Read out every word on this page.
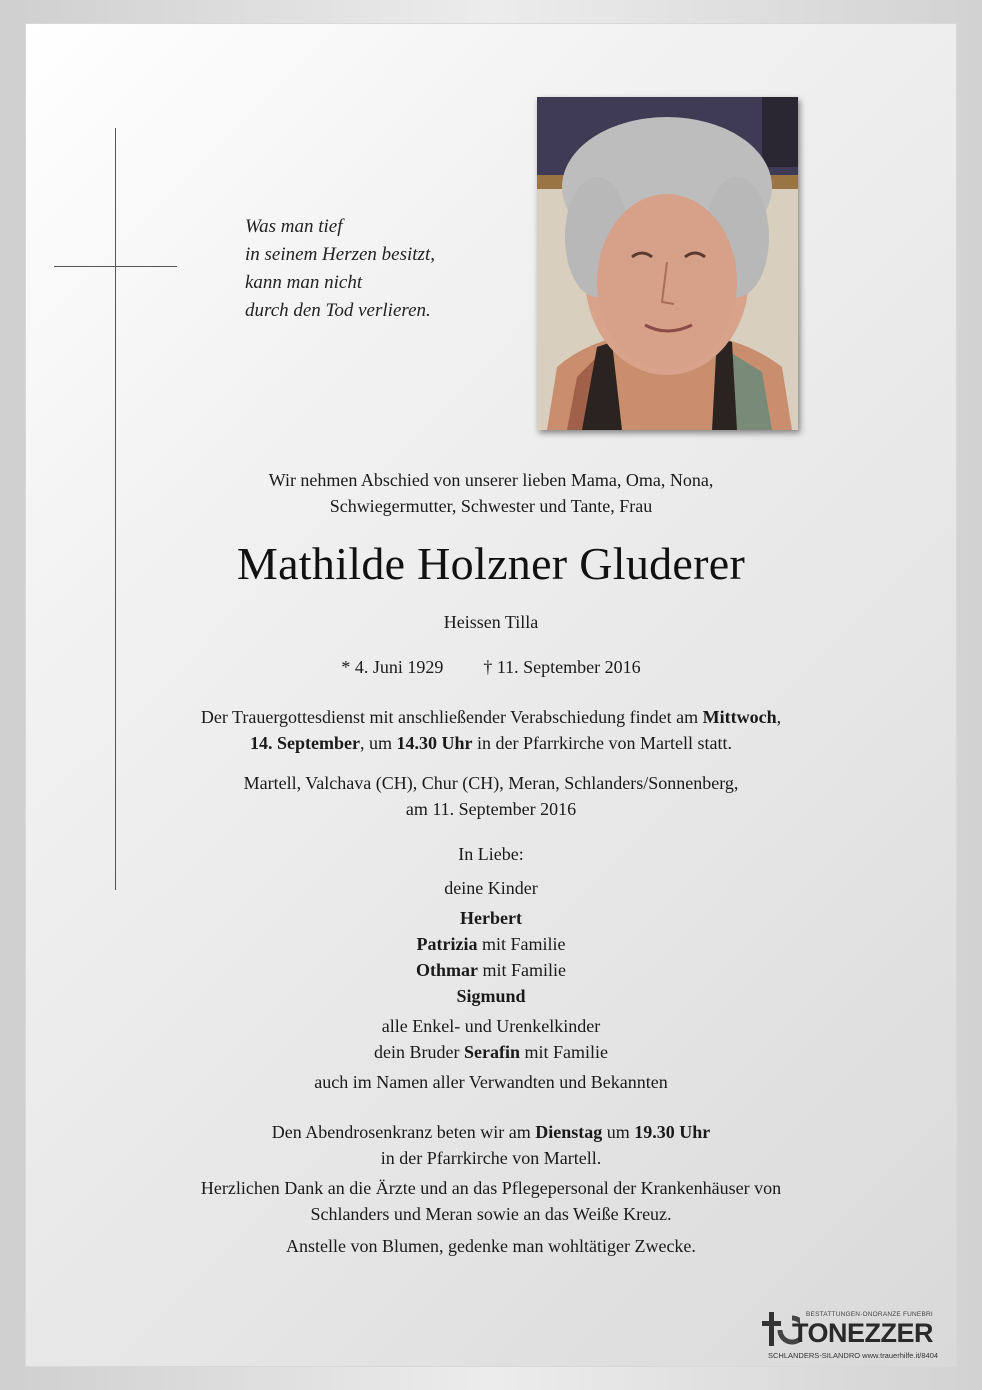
Was man tief
in seinem Herzen besitzt,
kann man nicht
durch den Tod verlieren.
Wir nehmen Abschied von unserer lieben Mama, Oma, Nona,
Schwiegermutter, Schwester und Tante, Frau
Mathilde Holzner Gluderer
Heissen Tilla
* 4. Juni 1929 † 11. September 2016
Der Trauergottesdienst mit anschließender Verabschiedung findet am Mittwoch,
14. September, um 14.30 Uhr in der Pfarrkirche von Martell statt.
Martell, Valchava (CH), Chur (CH), Meran, Schlanders/Sonnenberg,
am 11. September 2016
In Liebe:
deine Kinder
Herbert
Patrizia mit Familie
Othmar mit Familie
Sigmund
alle Enkel- und Urenkelkinder
dein Bruder Serafin mit Familie
auch im Namen aller Verwandten und Bekannten
Den Abendrosenkranz beten wir am Dienstag um 19.30 Uhr
in der Pfarrkirche von Martell.
Herzlichen Dank an die Ärzte und an das Pflegepersonal der Krankenhäuser von
Schlanders und Meran sowie an das Weiße Kreuz.
Anstelle von Blumen, gedenke man wohltätiger Zwecke.
BESTATTUNGEN·ONORANZE FUNEBRI
TONEZZER
SCHLANDERS-SILANDRO www.trauerhilfe.it/8404
